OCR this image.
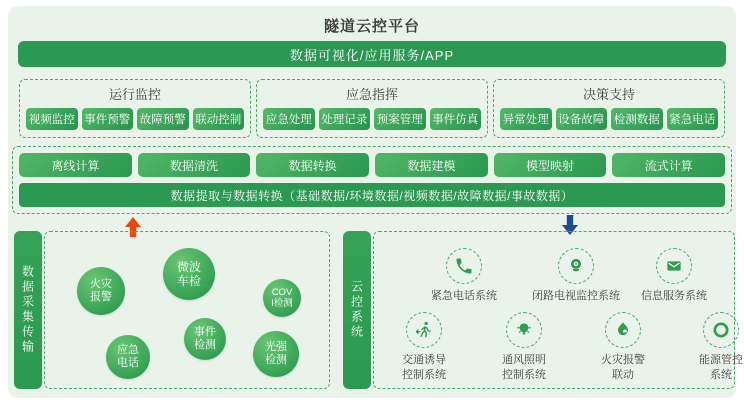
隧道云控平台
数据可视化/应用服务/APP
运行监控
视频监控 事件预警 故障预警 联动控制
应急指挥
应急处理 处理记录 预案管理 事件仿真
决策支持
异常处理 设备故障 检测数据 紧急电话
离线计算	数据清洗	数据转换	数据建模	模型映射	流式计算
数据提取与数据转换（基础数据/环境数据/视频数据/故障数据/事故数据）
数据采集传输	火灾报警
微波车检
COVI检测
应急电话
事件检测	光强检测
云控系统	紧急电话系统	闭路电视监控系统 信息服务系统
交通诱导控制系统
通风照明控制系统
火灾报警联动
能源管控系统
